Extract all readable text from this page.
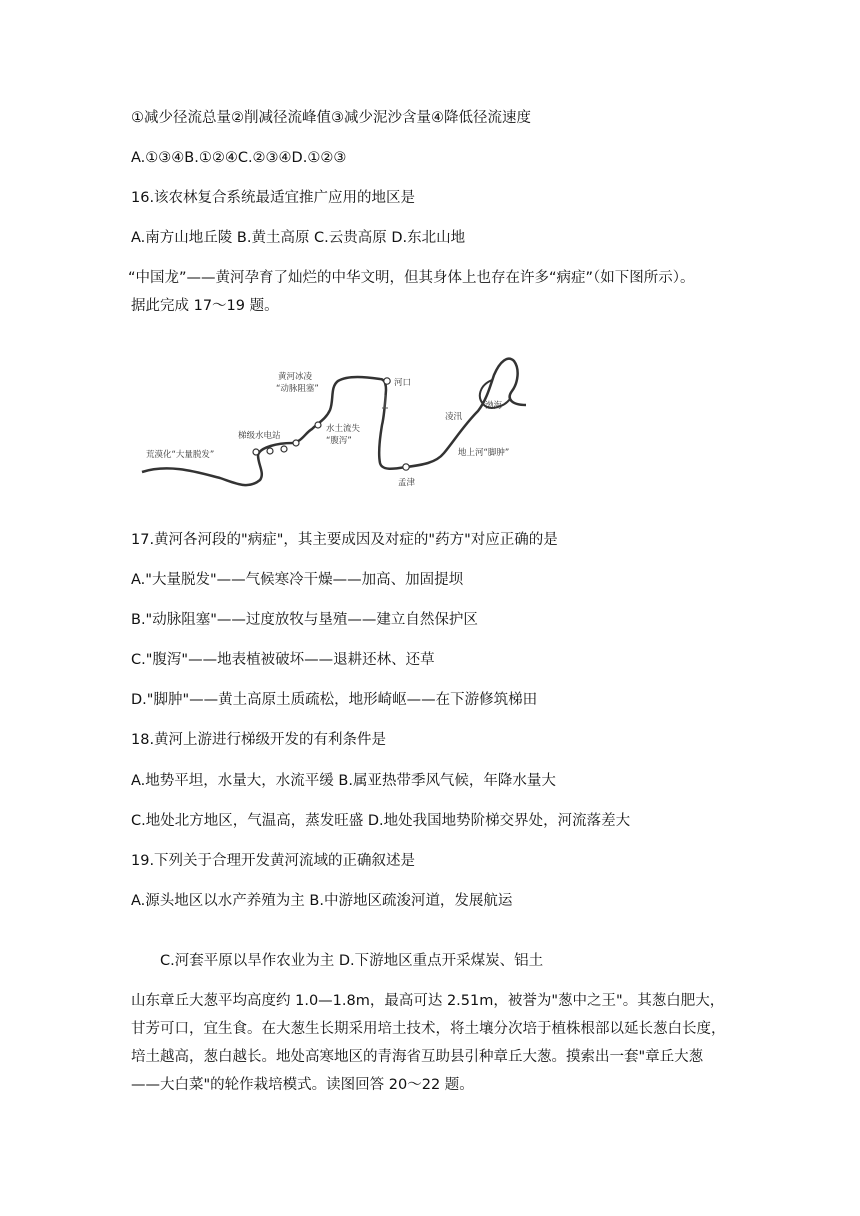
①减少径流总量②削减径流峰值③减少泥沙含量④降低径流速度
A.①③④B.①②④C.②③④D.①②③
16.该农林复合系统最适宜推广应用的地区是
A.南方山地丘陵 B.黄土高原 C.云贵高原 D.东北山地
“中国龙”——黄河孕育了灿烂的中华文明，但其身体上也存在许多“病症”（如下图所示）。
据此完成 17～19 题。
黄河冰凌
“动脉阻塞”
河口
渤海
凌汛
梯级水电站
水土流失
“腹泻”
荒漠化“大量脱发”	地上河“脚肿”
孟津
17.黄河各河段的"病症"，其主要成因及对症的"药方"对应正确的是
A."大量脱发"——气候寒冷干燥——加高、加固提坝
B."动脉阻塞"——过度放牧与垦殖——建立自然保护区
C."腹泻"——地表植被破坏——退耕还林、还草
D."脚肿"——黄土高原土质疏松，地形崎岖——在下游修筑梯田
18.黄河上游进行梯级开发的有利条件是
A.地势平坦，水量大，水流平缓 B.属亚热带季风气候，年降水量大
C.地处北方地区，气温高，蒸发旺盛 D.地处我国地势阶梯交界处，河流落差大
19.下列关于合理开发黄河流域的正确叙述是
A.源头地区以水产养殖为主 B.中游地区疏浚河道，发展航运
C.河套平原以旱作农业为主 D.下游地区重点开采煤炭、铝土
山东章丘大葱平均高度约 1.0—1.8m，最高可达 2.51m，被誉为"葱中之王"。其葱白肥大，
甘芳可口，宜生食。在大葱生长期采用培土技术，将土壤分次培于植株根部以延长葱白长度，
培土越高，葱白越长。地处高寒地区的青海省互助县引种章丘大葱。摸索出一套"章丘大葱
——大白菜"的轮作栽培模式。读图回答 20～22 题。
